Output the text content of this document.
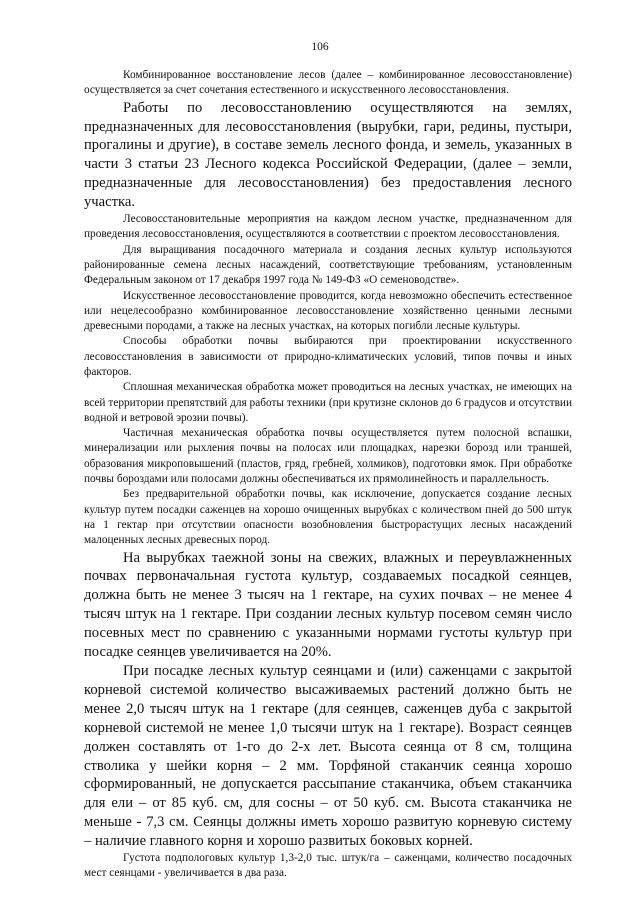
106

Комбинированное восстановление лесов (далее – комбинированное лесовосстановление) осуществляется за счет сочетания естественного и искусственного лесовосстановления.

Работы по лесовосстановлению осуществляются на землях, предназначенных для лесовосстановления (вырубки, гари, редины, пустыри, прогалины и другие), в составе земель лесного фонда, и земель, указанных в части 3 статьи 23 Лесного кодекса Российской Федерации, (далее – земли, предназначенные для лесовосстановления) без предоставления лесного участка.

Лесовосстановительные мероприятия на каждом лесном участке, предназначенном для проведения лесовосстановления, осуществляются в соответствии с проектом лесовосстановления.

Для выращивания посадочного материала и создания лесных культур используются районированные семена лесных насаждений, соответствующие требованиям, установленным Федеральным законом от 17 декабря 1997 года № 149-ФЗ «О семеноводстве».

Искусственное лесовосстановление проводится, когда невозможно обеспечить естественное или нецелесообразно комбинированное лесовосстановление хозяйственно ценными лесными древесными породами, а также на лесных участках, на которых погибли лесные культуры.

Способы обработки почвы выбираются при проектировании искусственного лесовосстановления в зависимости от природно-климатических условий, типов почвы и иных факторов.

Сплошная механическая обработка может проводиться на лесных участках, не имеющих на всей территории препятствий для работы техники (при крутизне склонов до 6 градусов и отсутствии водной и ветровой эрозии почвы).

Частичная механическая обработка почвы осуществляется путем полосной вспашки, минерализации или рыхления почвы на полосах или площадках, нарезки борозд или траншей, образования микроповышений (пластов, гряд, гребней, холмиков), подготовки ямок. При обработке почвы бороздами или полосами должны обеспечиваться их прямолинейность и параллельность.

Без предварительной обработки почвы, как исключение, допускается создание лесных культур путем посадки саженцев на хорошо очищенных вырубках с количеством пней до 500 штук на 1 гектар при отсутствии опасности возобновления быстрорастущих лесных насаждений малоценных лесных древесных пород.

На вырубках таежной зоны на свежих, влажных и переувлажненных почвах первоначальная густота культур, создаваемых посадкой сеянцев, должна быть не менее 3 тысяч на 1 гектаре, на сухих почвах – не менее 4 тысяч штук на 1 гектаре. При создании лесных культур посевом семян число посевных мест по сравнению с указанными нормами густоты культур при посадке сеянцев увеличивается на 20%.

При посадке лесных культур сеянцами и (или) саженцами с закрытой корневой системой количество высаживаемых растений должно быть не менее 2,0 тысяч штук на 1 гектаре (для сеянцев, саженцев дуба с закрытой корневой системой не менее 1,0 тысячи штук на 1 гектаре). Возраст сеянцев должен составлять от 1-го до 2-х лет. Высота сеянца от 8 см, толщина стволика у шейки корня – 2 мм. Торфяной стаканчик сеянца хорошо сформированный, не допускается рассыпание стаканчика, объем стаканчика для ели – от 85 куб. см, для сосны – от 50 куб. см. Высота стаканчика не меньше - 7,3 см. Сеянцы должны иметь хорошо развитую корневую систему – наличие главного корня и хорошо развитых боковых корней.

Густота подпологовых культур 1,3-2,0 тыс. штук/га – саженцами, количество посадочных мест сеянцами - увеличивается в два раза.
